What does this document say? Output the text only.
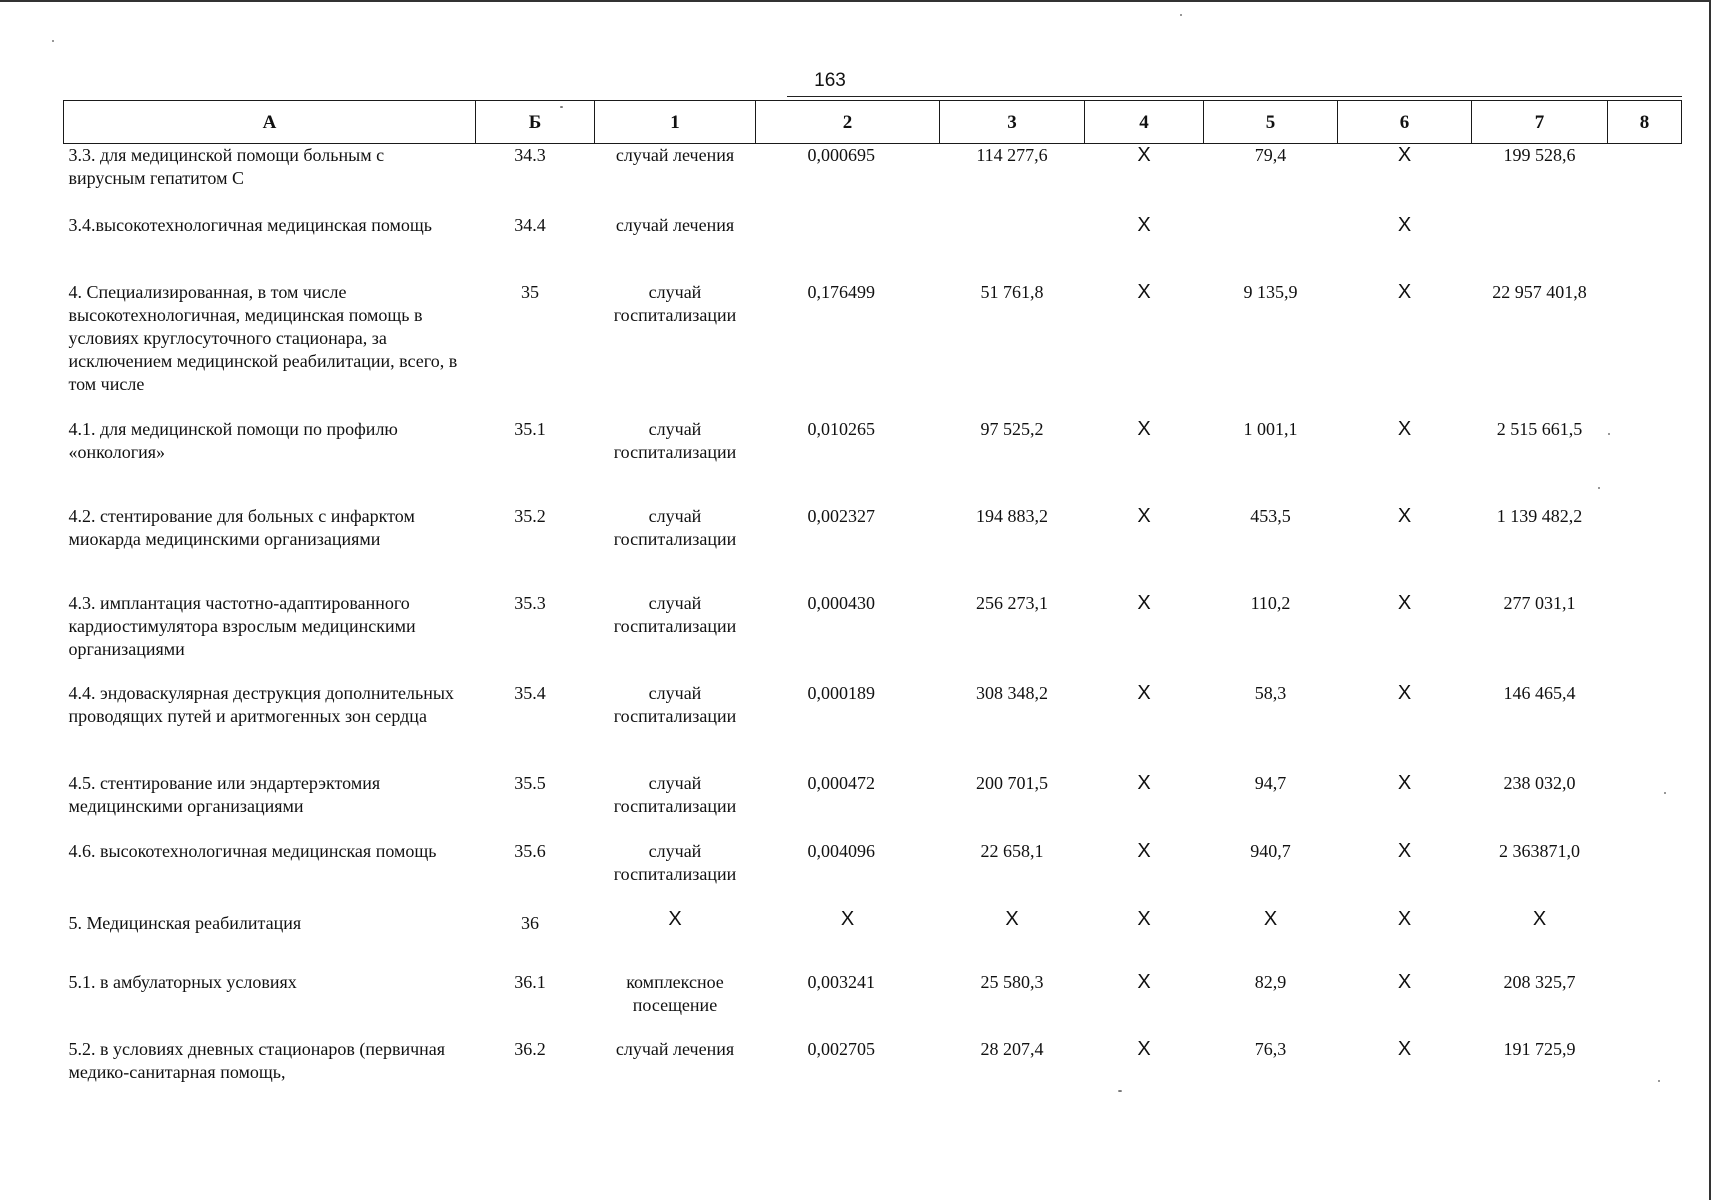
163
А	Б	1	2	3	4	5	6	7	8
3.3. для медицинской помощи больным с вирусным гепатитом С	34.3	случай лечения	0,000695	114 277,6	Х	79,4	Х	199 528,6	
3.4.высокотехнологичная медицинская помощь	34.4	случай лечения			Х		Х		
4. Специализированная, в том числе высокотехнологичная, медицинская помощь в условиях круглосуточного стационара, за исключением медицинской реабилитации, всего, в том числе	35	случай госпитализации	0,176499	51 761,8	Х	9 135,9	Х	22 957 401,8	
4.1. для медицинской помощи по профилю «онкология»	35.1	случай госпитализации	0,010265	97 525,2	Х	1 001,1	Х	2 515 661,5	
4.2. стентирование для больных с инфарктом миокарда медицинскими организациями	35.2	случай госпитализации	0,002327	194 883,2	Х	453,5	Х	1 139 482,2	
4.3. имплантация частотно-адаптированного кардиостимулятора взрослым медицинскими организациями	35.3	случай госпитализации	0,000430	256 273,1	Х	110,2	Х	277 031,1	
4.4. эндоваскулярная деструкция дополнительных проводящих путей и аритмогенных зон сердца	35.4	случай госпитализации	0,000189	308 348,2	Х	58,3	Х	146 465,4	
4.5. стентирование или эндартерэктомия медицинскими организациями	35.5	случай госпитализации	0,000472	200 701,5	Х	94,7	Х	238 032,0	
4.6. высокотехнологичная медицинская помощь	35.6	случай госпитализации	0,004096	22 658,1	Х	940,7	Х	2 363871,0	
5. Медицинская реабилитация	36	Х	Х	Х	Х	Х	Х	Х	
5.1. в амбулаторных условиях	36.1	комплексное посещение	0,003241	25 580,3	Х	82,9	Х	208 325,7	
5.2. в условиях дневных стационаров (первичная медико-санитарная помощь,	36.2	случай лечения	0,002705	28 207,4	Х	76,3	Х	191 725,9	
